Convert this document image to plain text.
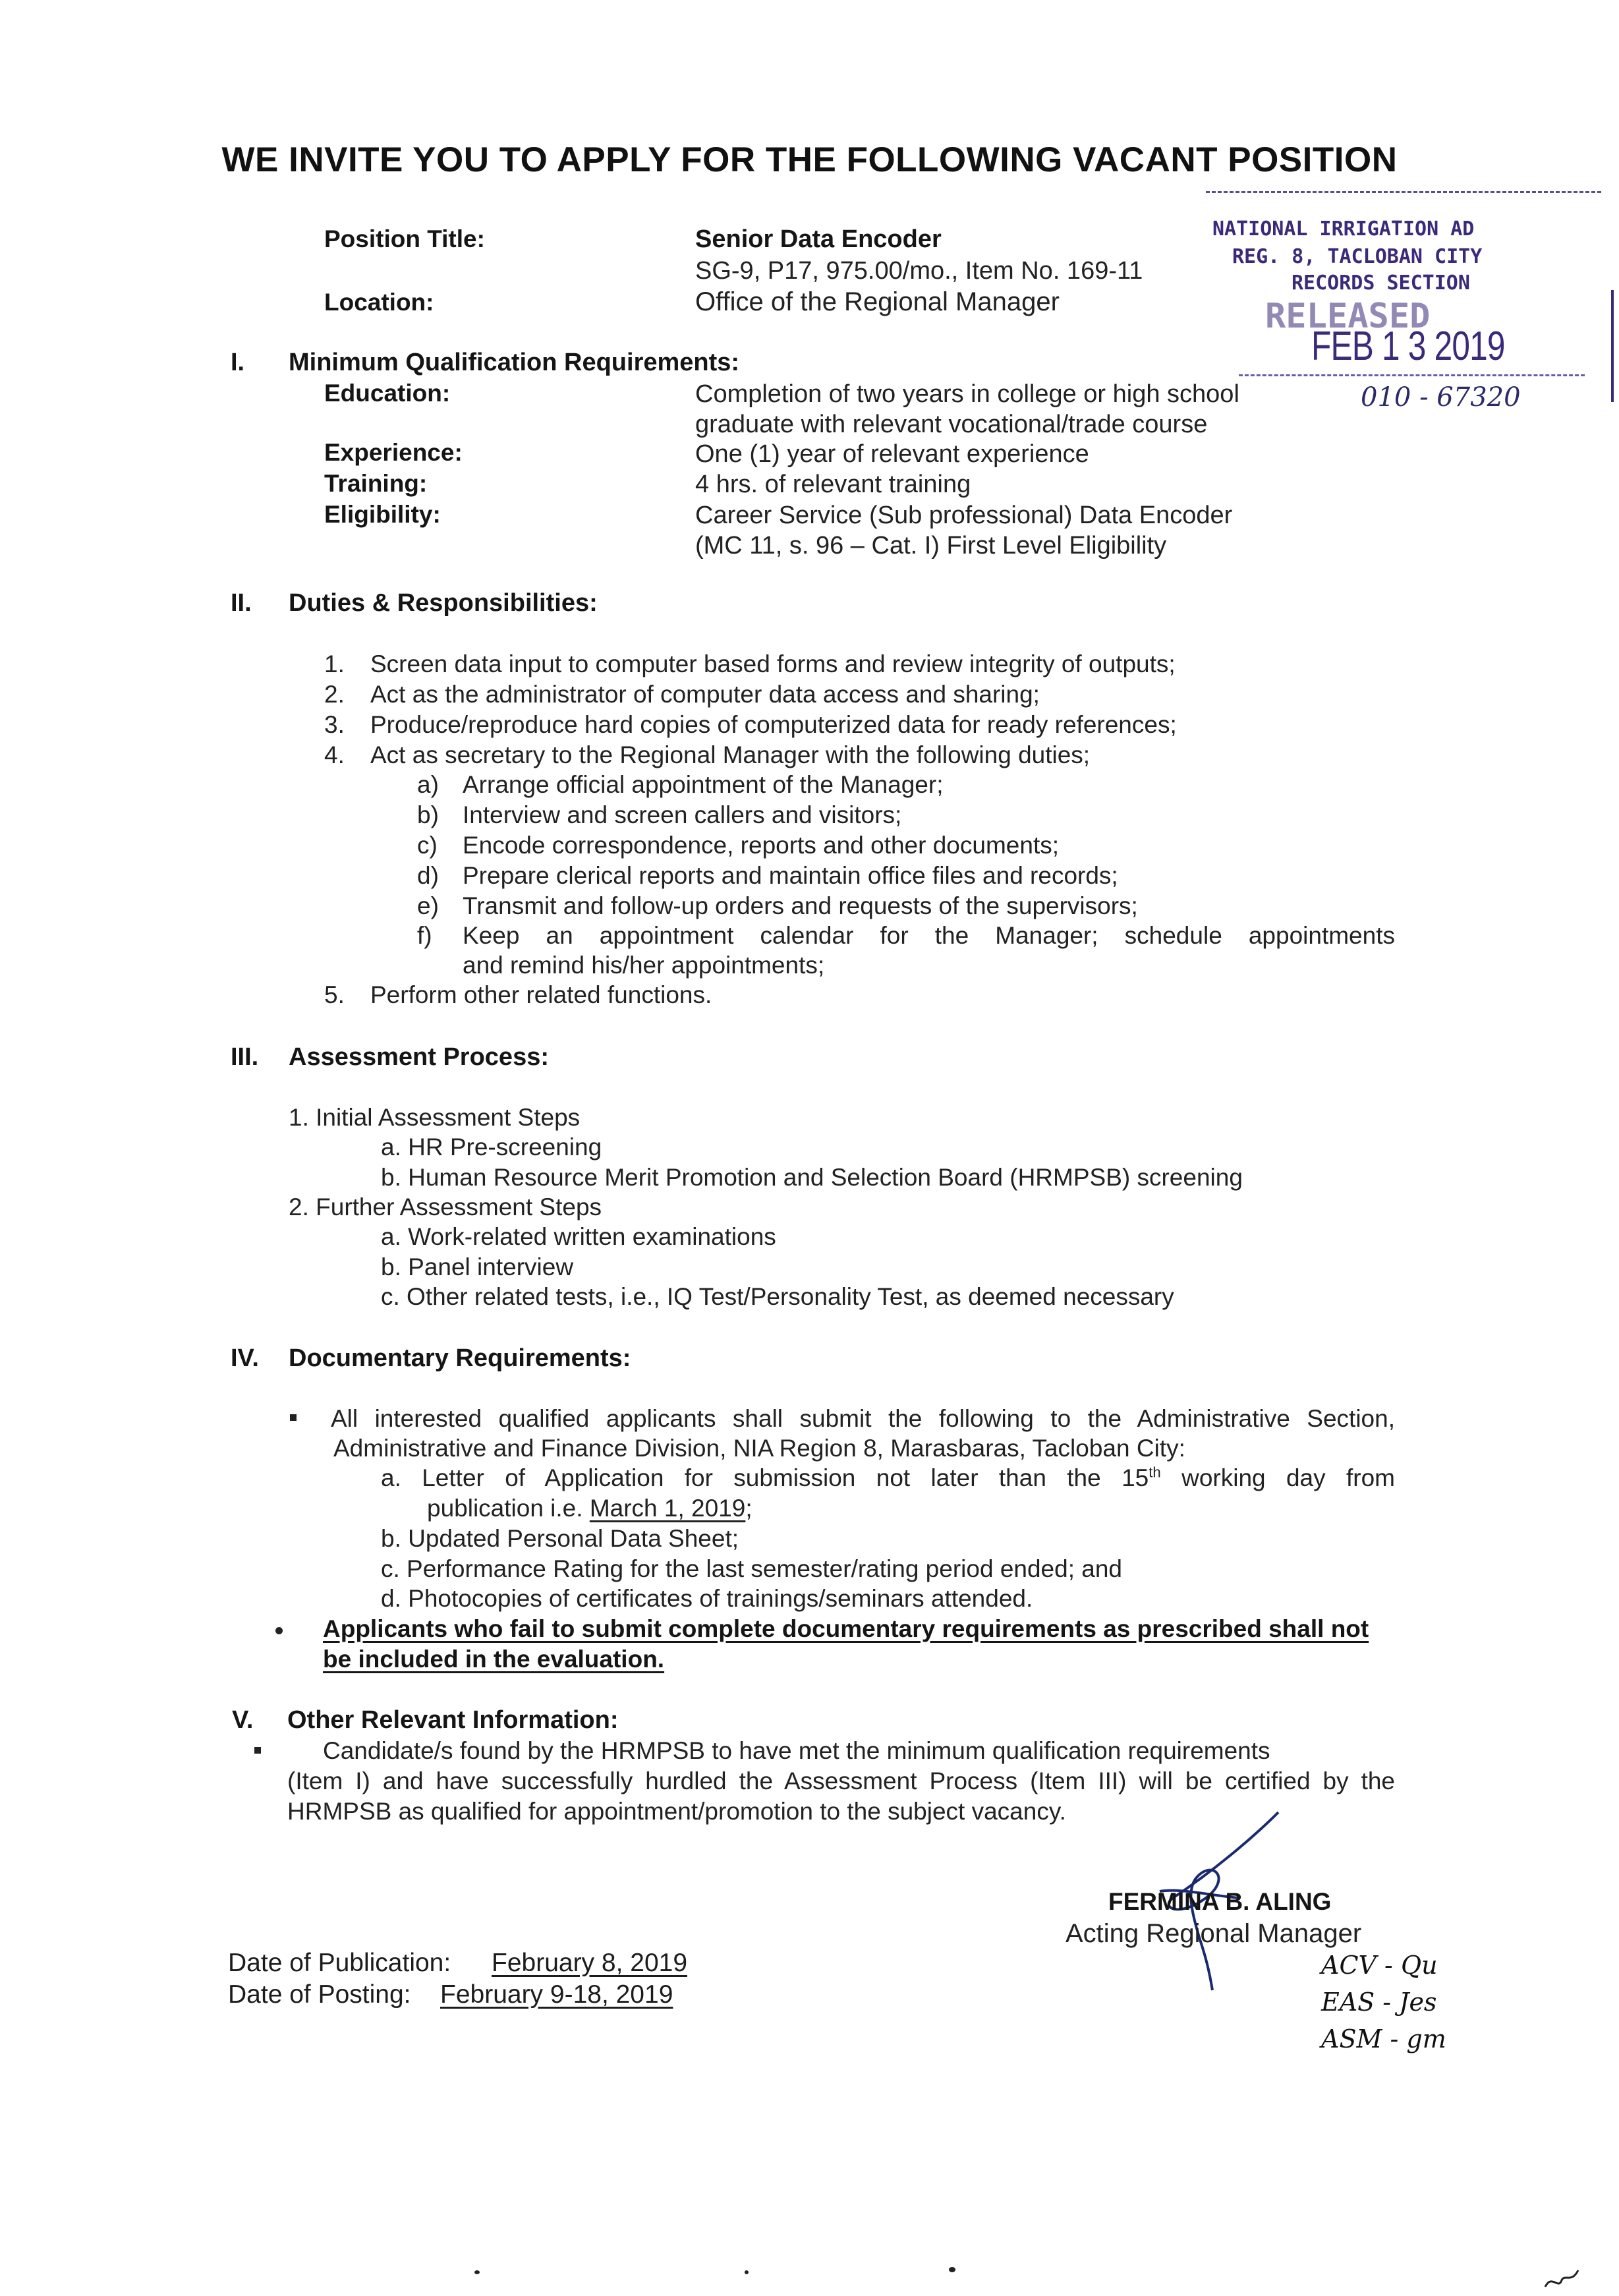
WE INVITE YOU TO APPLY FOR THE FOLLOWING VACANT POSITION
Position Title:	Senior Data Encoder
SG-9, P17, 975.00/mo., Item No. 169-11
Location:	Office of the Regional Manager
I. Minimum Qualification Requirements:
Education:	Completion of two years in college or high school
graduate with relevant vocational/trade course
Experience:	One (1) year of relevant experience
Training:	4 hrs. of relevant training
Eligibility:	Career Service (Sub professional) Data Encoder
(MC 11, s. 96 – Cat. I) First Level Eligibility
II. Duties & Responsibilities:
1. Screen data input to computer based forms and review integrity of outputs;
2. Act as the administrator of computer data access and sharing;
3. Produce/reproduce hard copies of computerized data for ready references;
4. Act as secretary to the Regional Manager with the following duties;
a) Arrange official appointment of the Manager;
b) Interview and screen callers and visitors;
c) Encode correspondence, reports and other documents;
d) Prepare clerical reports and maintain office files and records;
e) Transmit and follow-up orders and requests of the supervisors;
f) Keep an appointment calendar for the Manager; schedule appointments
and remind his/her appointments;
5. Perform other related functions.
III. Assessment Process:
1. Initial Assessment Steps
a. HR Pre-screening
b. Human Resource Merit Promotion and Selection Board (HRMPSB) screening
2. Further Assessment Steps
a. Work-related written examinations
b. Panel interview
c. Other related tests, i.e., IQ Test/Personality Test, as deemed necessary
IV. Documentary Requirements:
All interested qualified applicants shall submit the following to the Administrative Section,
Administrative and Finance Division, NIA Region 8, Marasbaras, Tacloban City:
a. Letter of Application for submission not later than the 15th working day from
publication i.e. March 1, 2019;
b. Updated Personal Data Sheet;
c. Performance Rating for the last semester/rating period ended; and
d. Photocopies of certificates of trainings/seminars attended.
Applicants who fail to submit complete documentary requirements as prescribed shall not
be included in the evaluation.
V. Other Relevant Information:
Candidate/s found by the HRMPSB to have met the minimum qualification requirements
(Item I) and have successfully hurdled the Assessment Process (Item III) will be certified by the
HRMPSB as qualified for appointment/promotion to the subject vacancy.
FERMINA B. ALING
Acting Regional Manager
Date of Publication: February 8, 2019
Date of Posting: February 9-18, 2019
ACV - Qu
EAS - Jes
ASM - gm
NATIONAL IRRIGATION AD
REG. 8, TACLOBAN CITY
RECORDS SECTION
RELEASED
FEB 1 3 2019
010 - 67320
